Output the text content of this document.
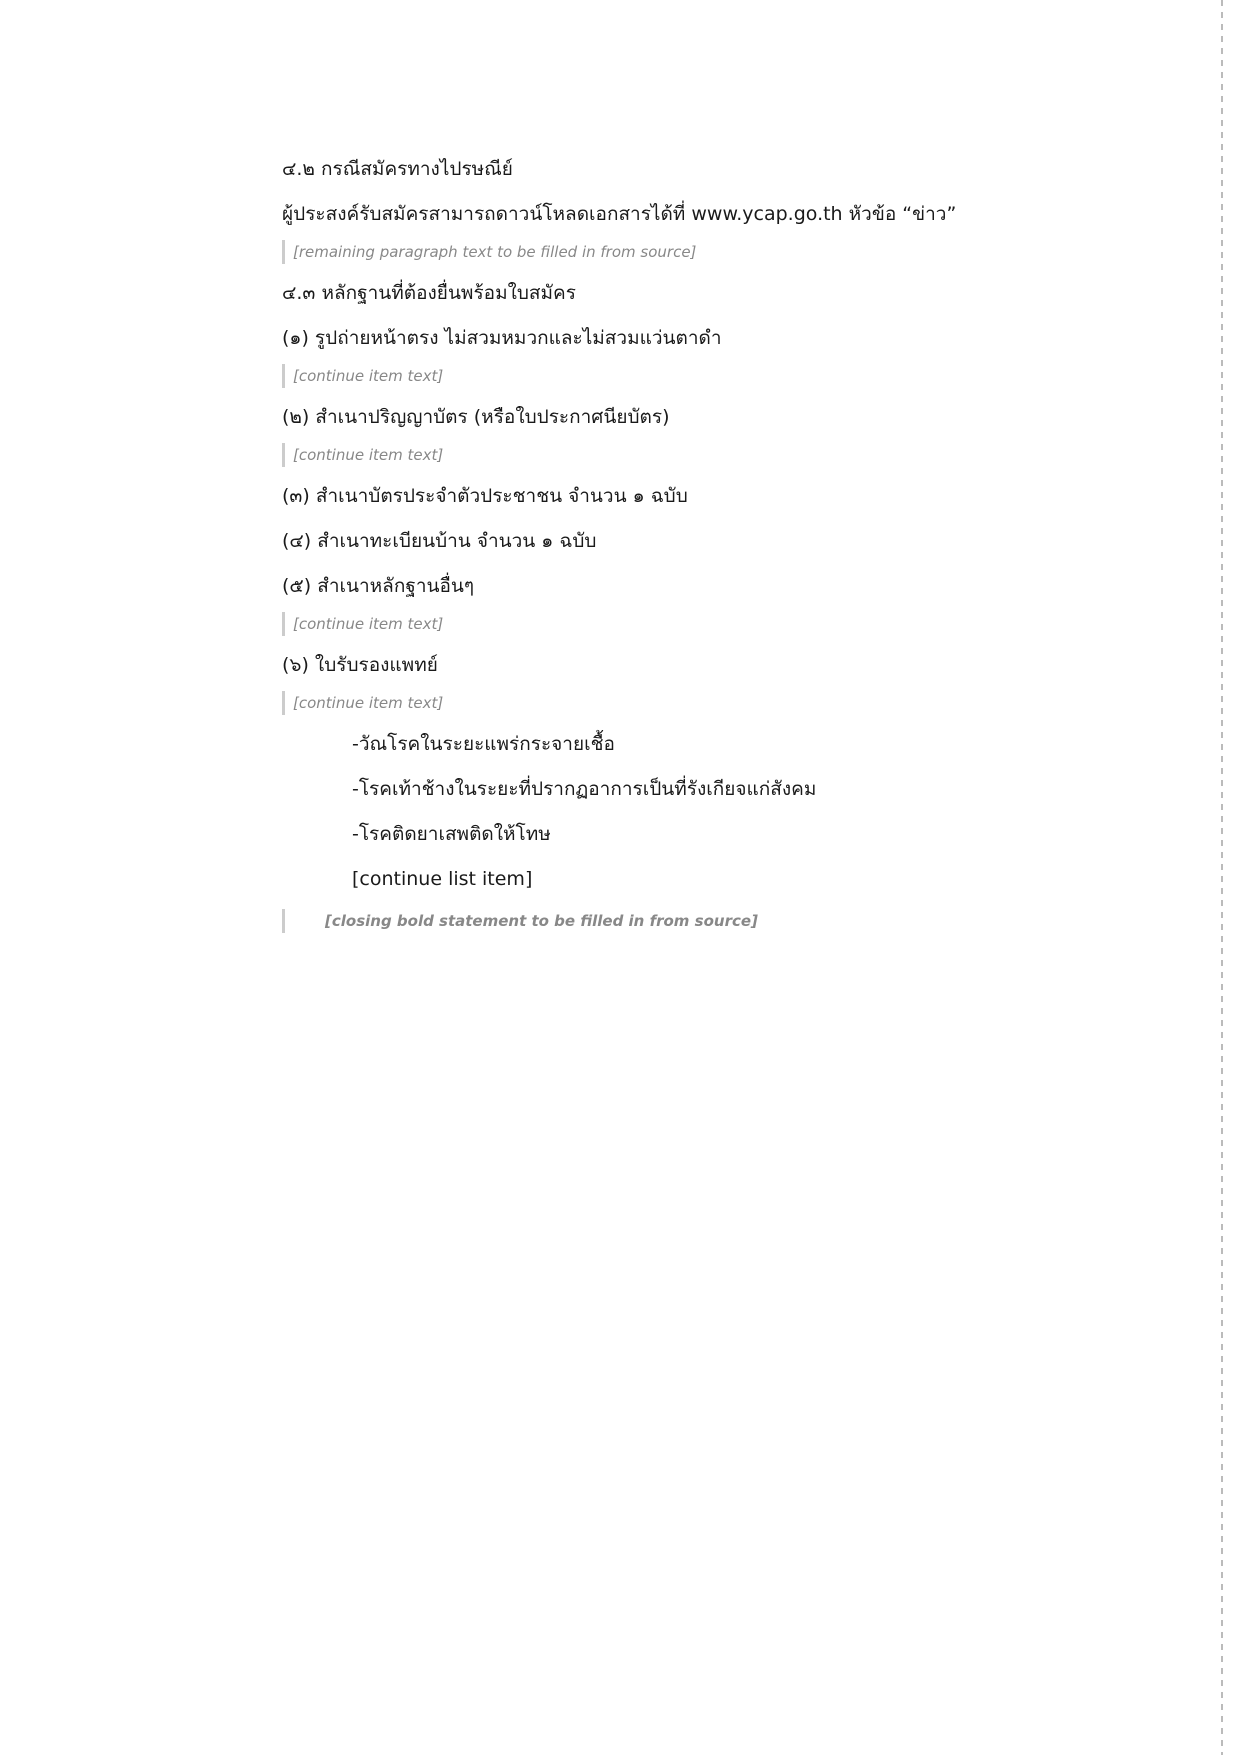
๔.๒ กรณีสมัครทางไปรษณีย์
ผู้ประสงค์รับสมัครสามารถดาวน์โหลดเอกสารได้ที่ www.ycap.go.th หัวข้อ “ข่าว”
[remaining paragraph text to be filled in from source]
๔.๓ หลักฐานที่ต้องยื่นพร้อมใบสมัคร
(๑) รูปถ่ายหน้าตรง ไม่สวมหมวกและไม่สวมแว่นตาดำ
[continue item text]
(๒) สำเนาปริญญาบัตร (หรือใบประกาศนียบัตร)
[continue item text]
(๓) สำเนาบัตรประจำตัวประชาชน จำนวน ๑ ฉบับ
(๔) สำเนาทะเบียนบ้าน จำนวน ๑ ฉบับ
(๕) สำเนาหลักฐานอื่นๆ
[continue item text]
(๖) ใบรับรองแพทย์
[continue item text]
-วัณโรคในระยะแพร่กระจายเชื้อ
-โรคเท้าช้างในระยะที่ปรากฏอาการเป็นที่รังเกียจแก่สังคม
-โรคติดยาเสพติดให้โทษ
[continue list item]
[closing bold statement to be filled in from source]
